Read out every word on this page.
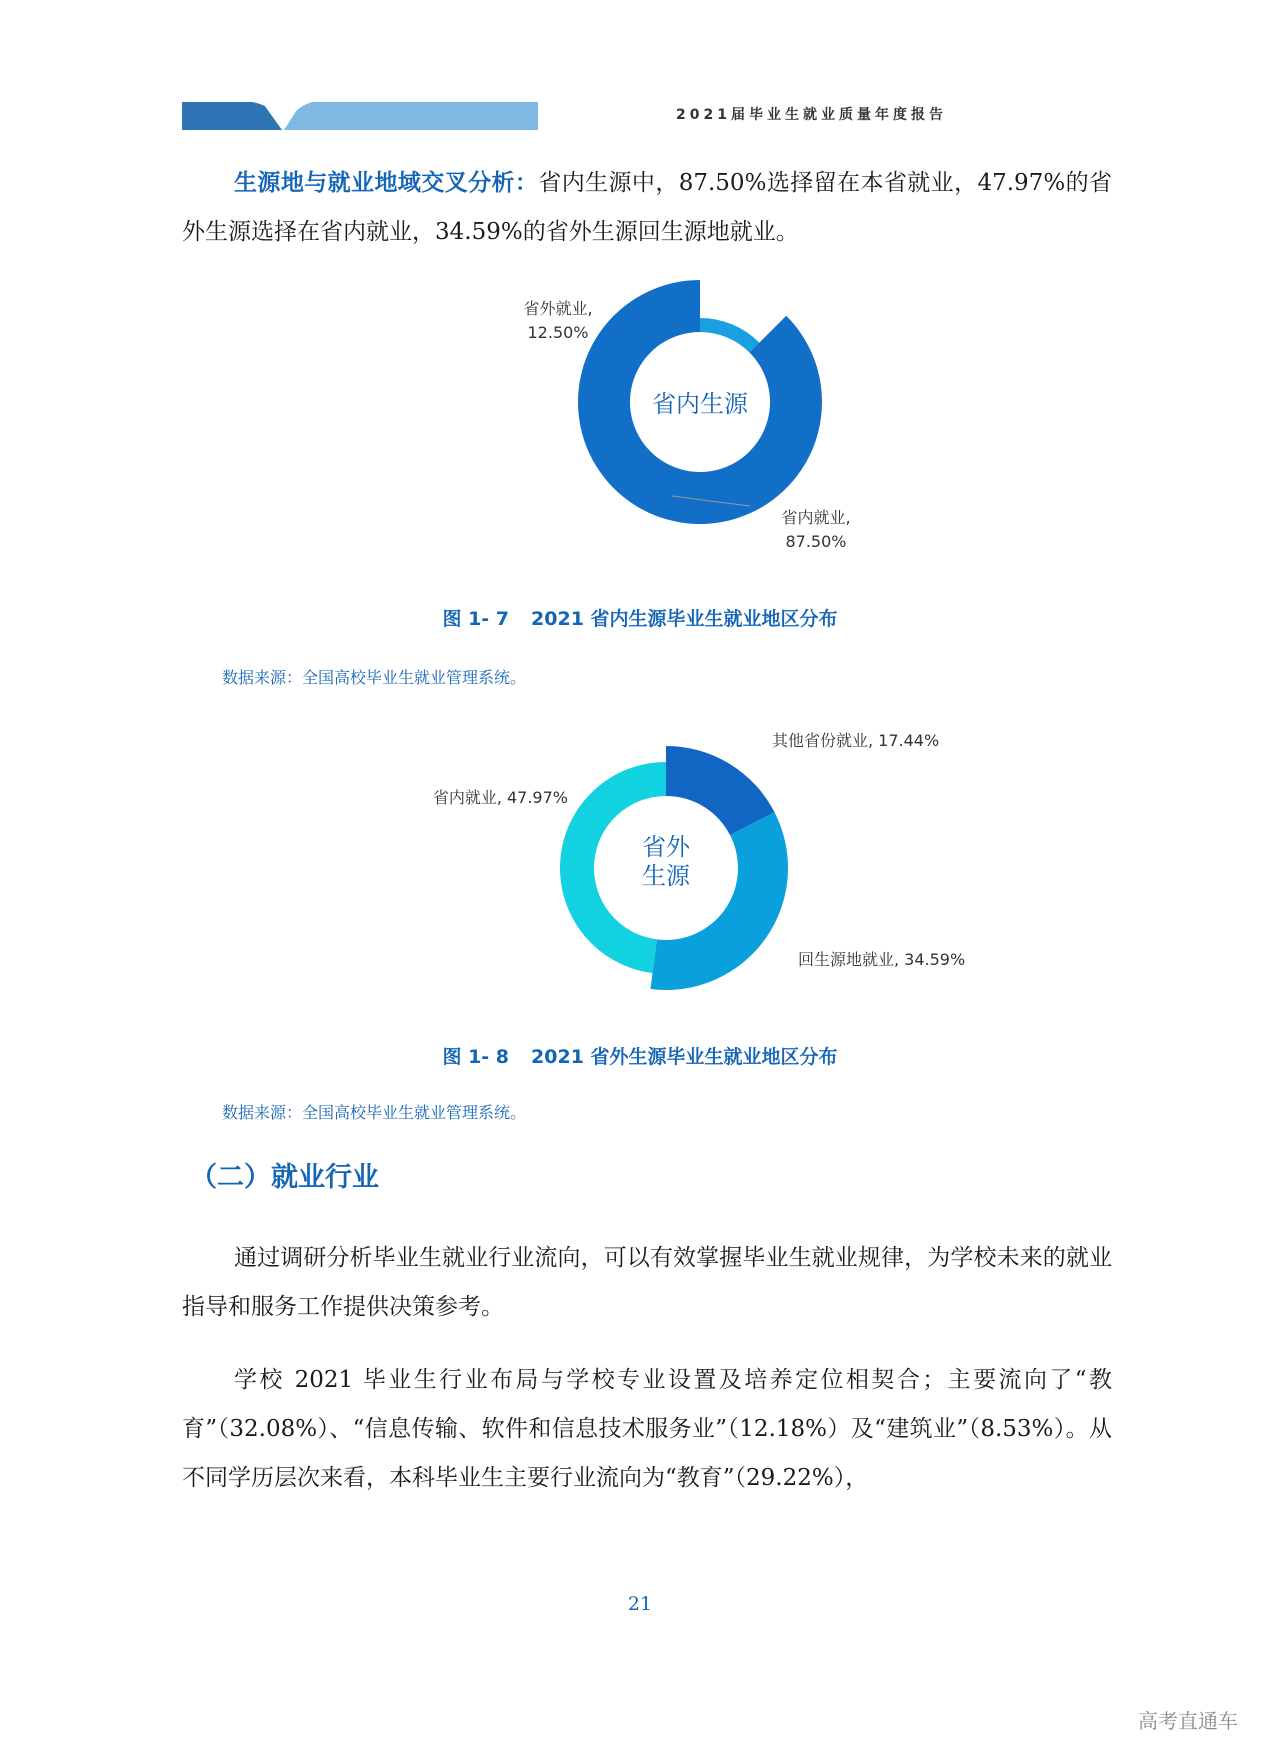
2021届毕业生就业质量年度报告
生源地与就业地域交叉分析：省内生源中，87.50%选择留在本省就业，47.97%的省外生源选择在省内就业，34.59%的省外生源回生源地就业。
省内生源
省外就业,
12.50%
省内就业,
87.50%
图 1- 7 2021 省内生源毕业生就业地区分布
数据来源：全国高校毕业生就业管理系统。
省外
生源
其他省份就业, 17.44%
回生源地就业, 34.59%
省内就业, 47.97%
图 1- 8 2021 省外生源毕业生就业地区分布
数据来源：全国高校毕业生就业管理系统。
（二）就业行业
通过调研分析毕业生就业行业流向，可以有效掌握毕业生就业规律，为学校未来的就业指导和服务工作提供决策参考。
学校 2021 毕业生行业布局与学校专业设置及培养定位相契合；主要流向了“教育”（32.08%）、“信息传输、软件和信息技术服务业”（12.18%）及“建筑业”（8.53%）。从不同学历层次来看，本科毕业生主要行业流向为“教育”（29.22%），
21
高考直通车
